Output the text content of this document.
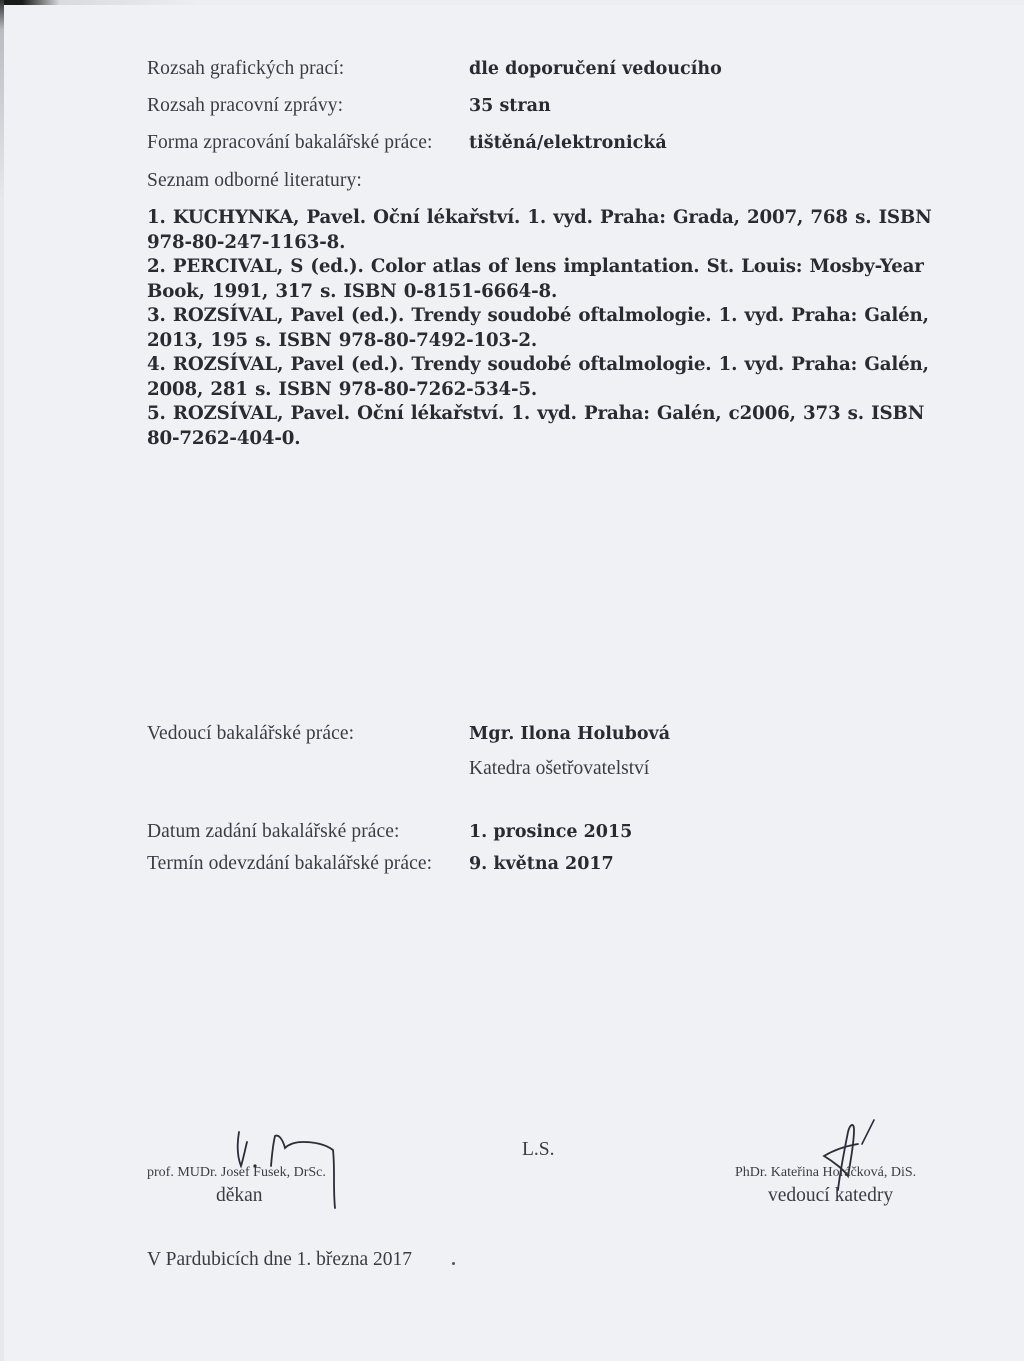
Rozsah grafických prací:	dle doporučení vedoucího
Rozsah pracovní zprávy:	35 stran
Forma zpracování bakalářské práce: tištěná/elektronická
Seznam odborné literatury:

1. KUCHYNKA, Pavel. Oční lékařství. 1. vyd. Praha: Grada, 2007, 768 s. ISBN 978-80-247-1163-8.

2. PERCIVAL, S (ed.). Color atlas of lens implantation. St. Louis: Mosby-Year Book, 1991, 317 s. ISBN 0-8151-6664-8.

3. ROZSÍVAL, Pavel (ed.). Trendy soudobé oftalmologie. 1. vyd. Praha: Galén, 2013, 195 s. ISBN 978-80-7492-103-2.

4. ROZSÍVAL, Pavel (ed.). Trendy soudobé oftalmologie. 1. vyd. Praha: Galén, 2008, 281 s. ISBN 978-80-7262-534-5.

5. ROZSÍVAL, Pavel. Oční lékařství. 1. vyd. Praha: Galén, c2006, 373 s. ISBN 80-7262-404-0.

Vedoucí bakalářské práce:	Mgr. Ilona Holubová
Katedra ošetřovatelství
Datum zadání bakalářské práce:	1. prosince 2015
Termín odevzdání bakalářské práce: 9. května 2017
prof. MUDr. Josef Fusek, DrSc.
děkan
L.S.
PhDr. Kateřina Horáčková, DiS.
vedoucí katedry
V Pardubicích dne 1. března 2017
